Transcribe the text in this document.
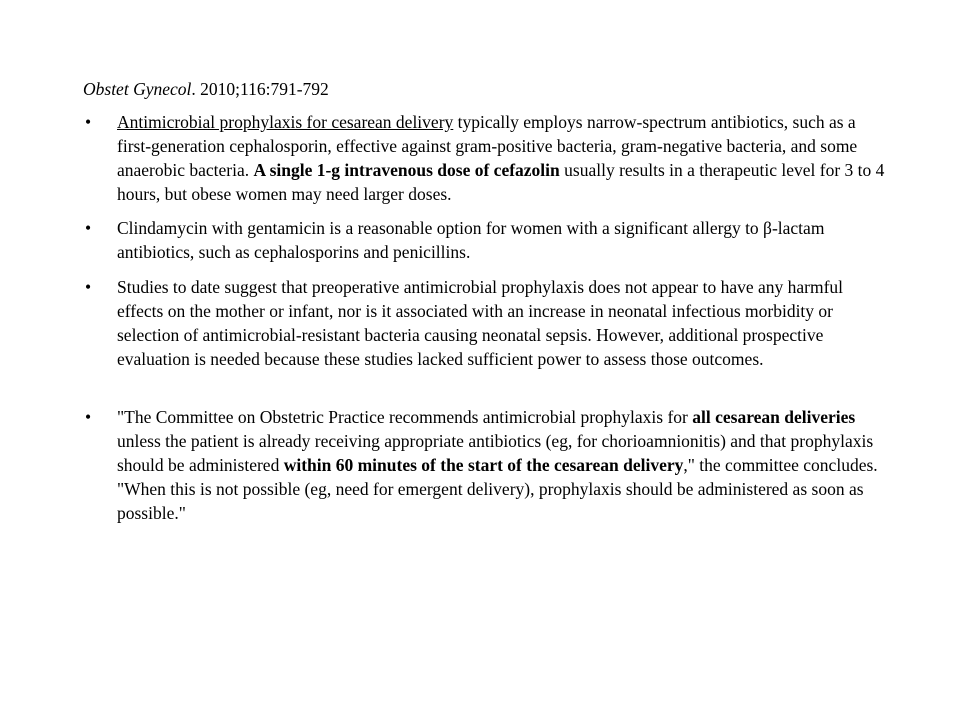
Obstet Gynecol. 2010;116:791-792
• Antimicrobial prophylaxis for cesarean delivery typically employs narrow-spectrum antibiotics, such as a first-generation cephalosporin, effective against gram-positive bacteria, gram-negative bacteria, and some anaerobic bacteria. A single 1-g intravenous dose of cefazolin usually results in a therapeutic level for 3 to 4 hours, but obese women may need larger doses.
• Clindamycin with gentamicin is a reasonable option for women with a significant allergy to β-lactam antibiotics, such as cephalosporins and penicillins.
• Studies to date suggest that preoperative antimicrobial prophylaxis does not appear to have any harmful effects on the mother or infant, nor is it associated with an increase in neonatal infectious morbidity or selection of antimicrobial-resistant bacteria causing neonatal sepsis. However, additional prospective evaluation is needed because these studies lacked sufficient power to assess those outcomes.
• "The Committee on Obstetric Practice recommends antimicrobial prophylaxis for all cesarean deliveries unless the patient is already receiving appropriate antibiotics (eg, for chorioamnionitis) and that prophylaxis should be administered within 60 minutes of the start of the cesarean delivery," the committee concludes. "When this is not possible (eg, need for emergent delivery), prophylaxis should be administered as soon as possible."
